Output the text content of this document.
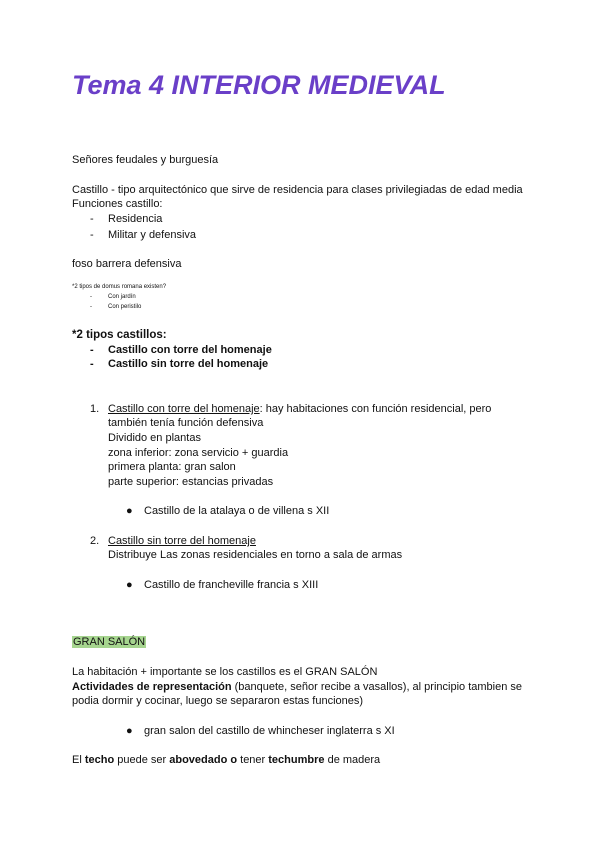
Tema 4 INTERIOR MEDIEVAL
Señores feudales y burguesía
Castillo - tipo arquitectónico que sirve de residencia para clases privilegiadas de edad media
Funciones castillo:
- Residencia
- Militar y defensiva
foso barrera defensiva
*2 tipos de domus romana existen?
-	Con jardín
-	Con peristilo
*2 tipos castillos:
- Castillo con torre del homenaje
- Castillo sin torre del homenaje
1. Castillo con torre del homenaje: hay habitaciones con función residencial, pero
también tenía función defensiva
Dividido en plantas
zona inferior: zona servicio + guardia
primera planta: gran salon
parte superior: estancias privadas
● Castillo de la atalaya o de villena s XII
2. Castillo sin torre del homenaje
Distribuye Las zonas residenciales en torno a sala de armas
● Castillo de francheville francia s XIII
GRAN SALÓN
La habitación + importante se los castillos es el GRAN SALÓN
Actividades de representación (banquete, señor recibe a vasallos), al principio tambien se
podia dormir y cocinar, luego se separaron estas funciones)
● gran salon del castillo de whincheser inglaterra s XI
El techo puede ser abovedado o tener techumbre de madera
